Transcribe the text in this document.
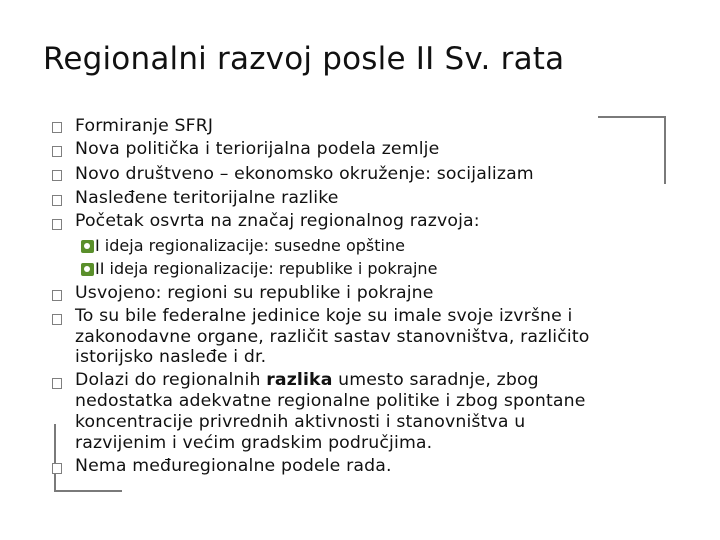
Regionalni razvoj posle II Sv. rata
Formiranje SFRJ
Nova politička i teriorijalna podela zemlje
Novo društveno – ekonomsko okruženje: socijalizam
Nasleđene teritorijalne razlike
Početak osvrta na značaj regionalnog razvoja:
I ideja regionalizacije: susedne opštine
II ideja regionalizacije: republike i pokrajne
Usvojeno: regioni su republike i pokrajne
To su bile federalne jedinice koje su imale svoje izvršne i
zakonodavne organe, različit sastav stanovništva, različito
istorijsko nasleđe i dr.
Dolazi do regionalnih razlika umesto saradnje, zbog
nedostatka adekvatne regionalne politike i zbog spontane
koncentracije privrednih aktivnosti i stanovništva u
razvijenim i većim gradskim područjima.
Nema međuregionalne podele rada.
